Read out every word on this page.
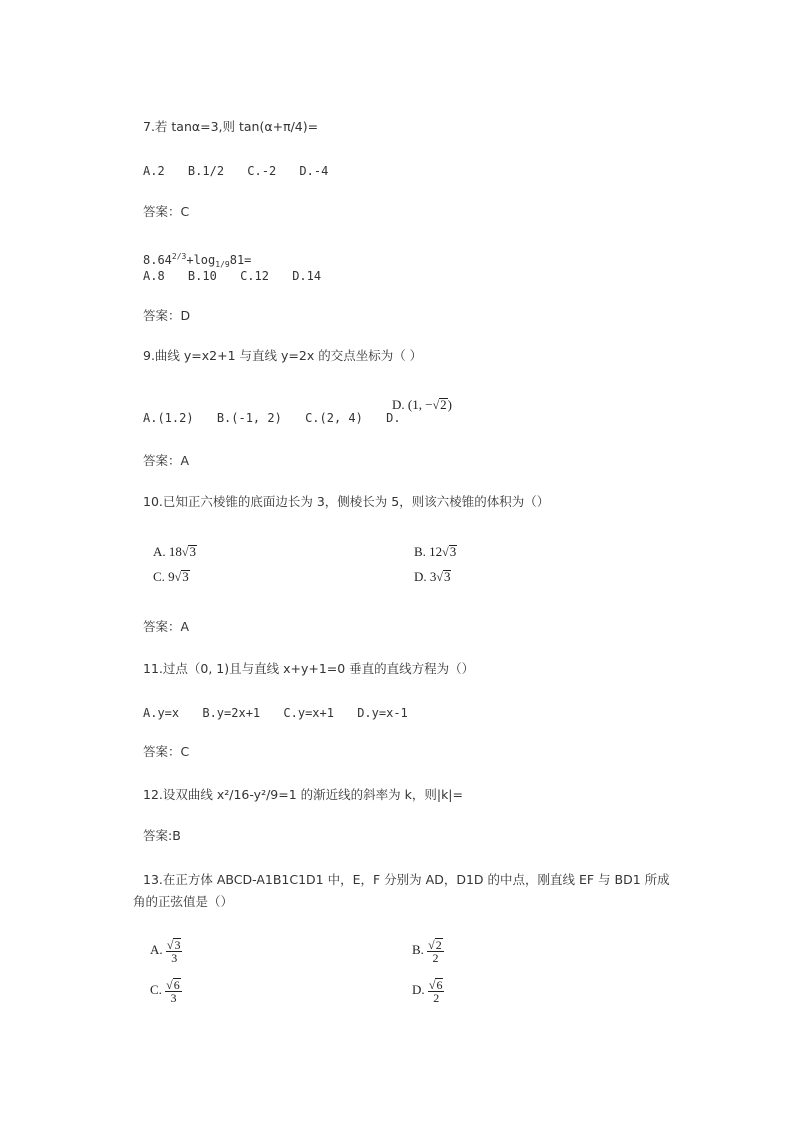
7.若 tanα=3,则 tan(α+π/4)=
A.2 B.1/2 C.-2 D.-4
答案：C
$8.64^{2/3}+\log_{1/9}81=$
A.8 B.10 C.12 D.14
答案：D
9.曲线 y=x2+1 与直线 y=2x 的交点坐标为（ ）
A.(1.2) B.(-1, 2) C.(2, 4) D.
D. (1, −√2)
答案：A
10.已知正六棱锥的底面边长为 3，侧棱长为 5，则该六棱锥的体积为（）
A. 18√3	B. 12√3
C. 9√3	D. 3√3
答案：A
11.过点（0, 1)且与直线 x+y+1=0 垂直的直线方程为（）
A.y=x B.y=2x+1 C.y=x+1 D.y=x-1
答案：C
12.设双曲线 x²/16-y²/9=1 的渐近线的斜率为 k，则|k|=
答案:B
13.在正方体 ABCD-A1B1C1D1 中，E，F 分别为 AD，D1D 的中点，刚直线 EF 与 BD1 所成
角的正弦值是（）
A. $\frac{√3}{3}$	B. $\frac{√2}{2}$
C. $\frac{√6}{3}$	D. $\frac{√6}{2}$
